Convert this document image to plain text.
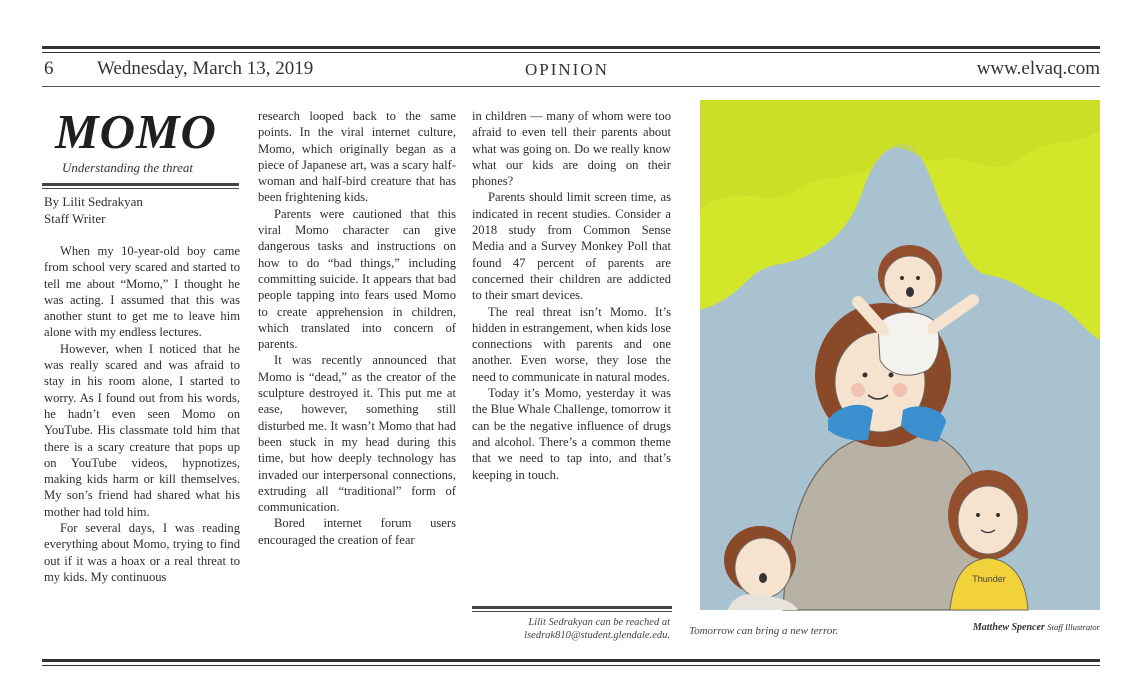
6 Wednesday, March 13, 2019	OPINION	www.elvaq.com
MOMO
Understanding the threat
By Lilit Sedrakyan
Staff Writer

When my 10-year-old boy came from school very scared and started to tell me about “Momo,” I thought he was acting. I assumed that this was another stunt to get me to leave him alone with my endless lectures.

However, when I noticed that he was really scared and was afraid to stay in his room alone, I started to worry. As I found out from his words, he hadn’t even seen Momo on YouTube. His classmate told him that there is a scary creature that pops up on YouTube videos, hypnotizes, making kids harm or kill themselves. My son’s friend had shared what his mother had told him.

For several days, I was reading everything about Momo, trying to find out if it was a hoax or a real threat to my kids. My continuous

research looped back to the same points. In the viral internet culture, Momo, which originally began as a piece of Japanese art, was a scary half-woman and half-bird creature that has been frightening kids.

Parents were cautioned that this viral Momo character can give dangerous tasks and instructions on how to do “bad things,” including committing suicide. It appears that bad people tapping into fears used Momo to create apprehension in children, which translated into concern of parents.

It was recently announced that Momo is “dead,” as the creator of the sculpture destroyed it. This put me at ease, however, something still disturbed me. It wasn’t Momo that had been stuck in my head during this time, but how deeply technology has invaded our interpersonal connections, extruding all “traditional” form of communication.

Bored internet forum users encouraged the creation of fear

in children — many of whom were too afraid to even tell their parents about what was going on. Do we really know what our kids are doing on their phones?

Parents should limit screen time, as indicated in recent studies. Consider a 2018 study from Common Sense Media and a Survey Monkey Poll that found 47 percent of parents are concerned their children are addicted to their smart devices.

The real threat isn’t Momo. It’s hidden in estrangement, when kids lose connections with parents and one another. Even worse, they lose the need to communicate in natural modes.

Today it’s Momo, yesterday it was the Blue Whale Challenge, tomorrow it can be the negative influence of drugs and alcohol. There’s a common theme that we need to tap into, and that’s keeping in touch.

Lilit Sedrakyan can be reached at
lsedrak810@student.glendale.edu.
Thunder
Tomorrow can bring a new terror.	Matthew Spencer Staff Illustrator
